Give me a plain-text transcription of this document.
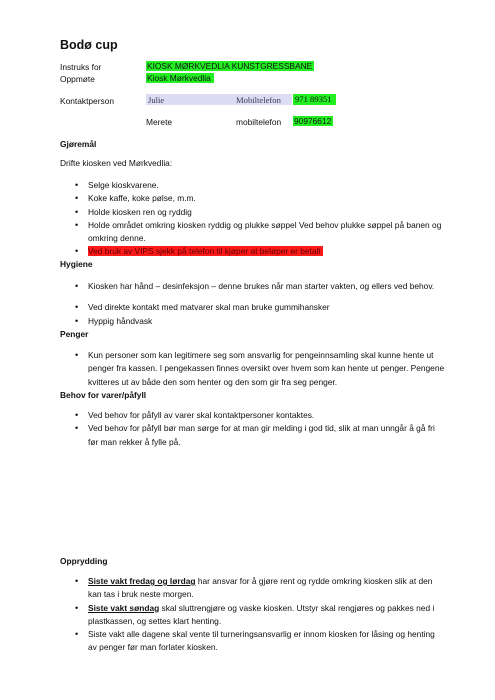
Bodø cup
Instruks for	KIOSK MØRKVEDLIA KUNSTGRESSBANE
Oppmøte	Kiosk Mørkvedlia
Kontaktperson	Julie	Mobiltelefon 971 89351
Merete	mobiltelefon 90976612
Gjøremål
Drifte kiosken ved Mørkvedlia:
• Selge kioskvarene.
• Koke kaffe, koke pølse, m.m.
• Holde kiosken ren og ryddig
• Holde området omkring kiosken ryddig og plukke søppel Ved behov plukke søppel på banen og omkring denne.
• Ved bruk av VIPS sjekk på telefon til kjøper at beløper er betalt
Hygiene
• Kiosken har hånd – desinfeksjon – denne brukes når man starter vakten, og ellers ved behov.
• Ved direkte kontakt med matvarer skal man bruke gummihansker
• Hyppig håndvask
Penger
• Kun personer som kan legitimere seg som ansvarlig for pengeinnsamling skal kunne hente ut penger fra kassen. I pengekassen finnes oversikt over hvem som kan hente ut penger. Pengene kvitteres ut av både den som henter og den som gir fra seg penger.
Behov for varer/påfyll
• Ved behov for påfyll av varer skal kontaktpersoner kontaktes.
• Ved behov for påfyll bør man sørge for at man gir melding i god tid, slik at man unngår å gå fri før man rekker å fylle på.
Opprydding
• Siste vakt fredag og lørdag har ansvar for å gjøre rent og rydde omkring kiosken slik at den kan tas i bruk neste morgen.
• Siste vakt søndag skal sluttrengjøre og vaske kiosken. Utstyr skal rengjøres og pakkes ned i plastkassen, og settes klart henting.
• Siste vakt alle dagene skal vente til turneringsansvarlig er innom kiosken for låsing og henting av penger før man forlater kiosken.
